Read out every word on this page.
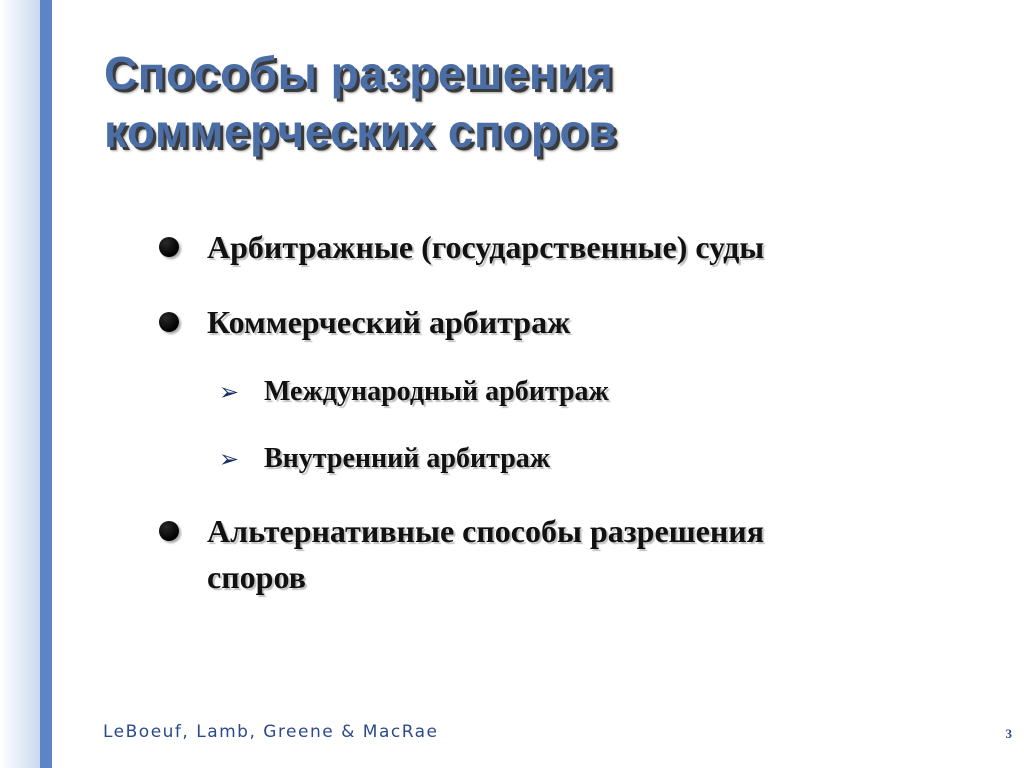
Способы разрешения
коммерческих споров
Арбитражные (государственные) суды
Коммерческий арбитраж
➢ Международный арбитраж
➢ Внутренний арбитраж
Альтернативные способы разрешения
споров
LeBoeuf, Lamb, Greene & MacRae	3
